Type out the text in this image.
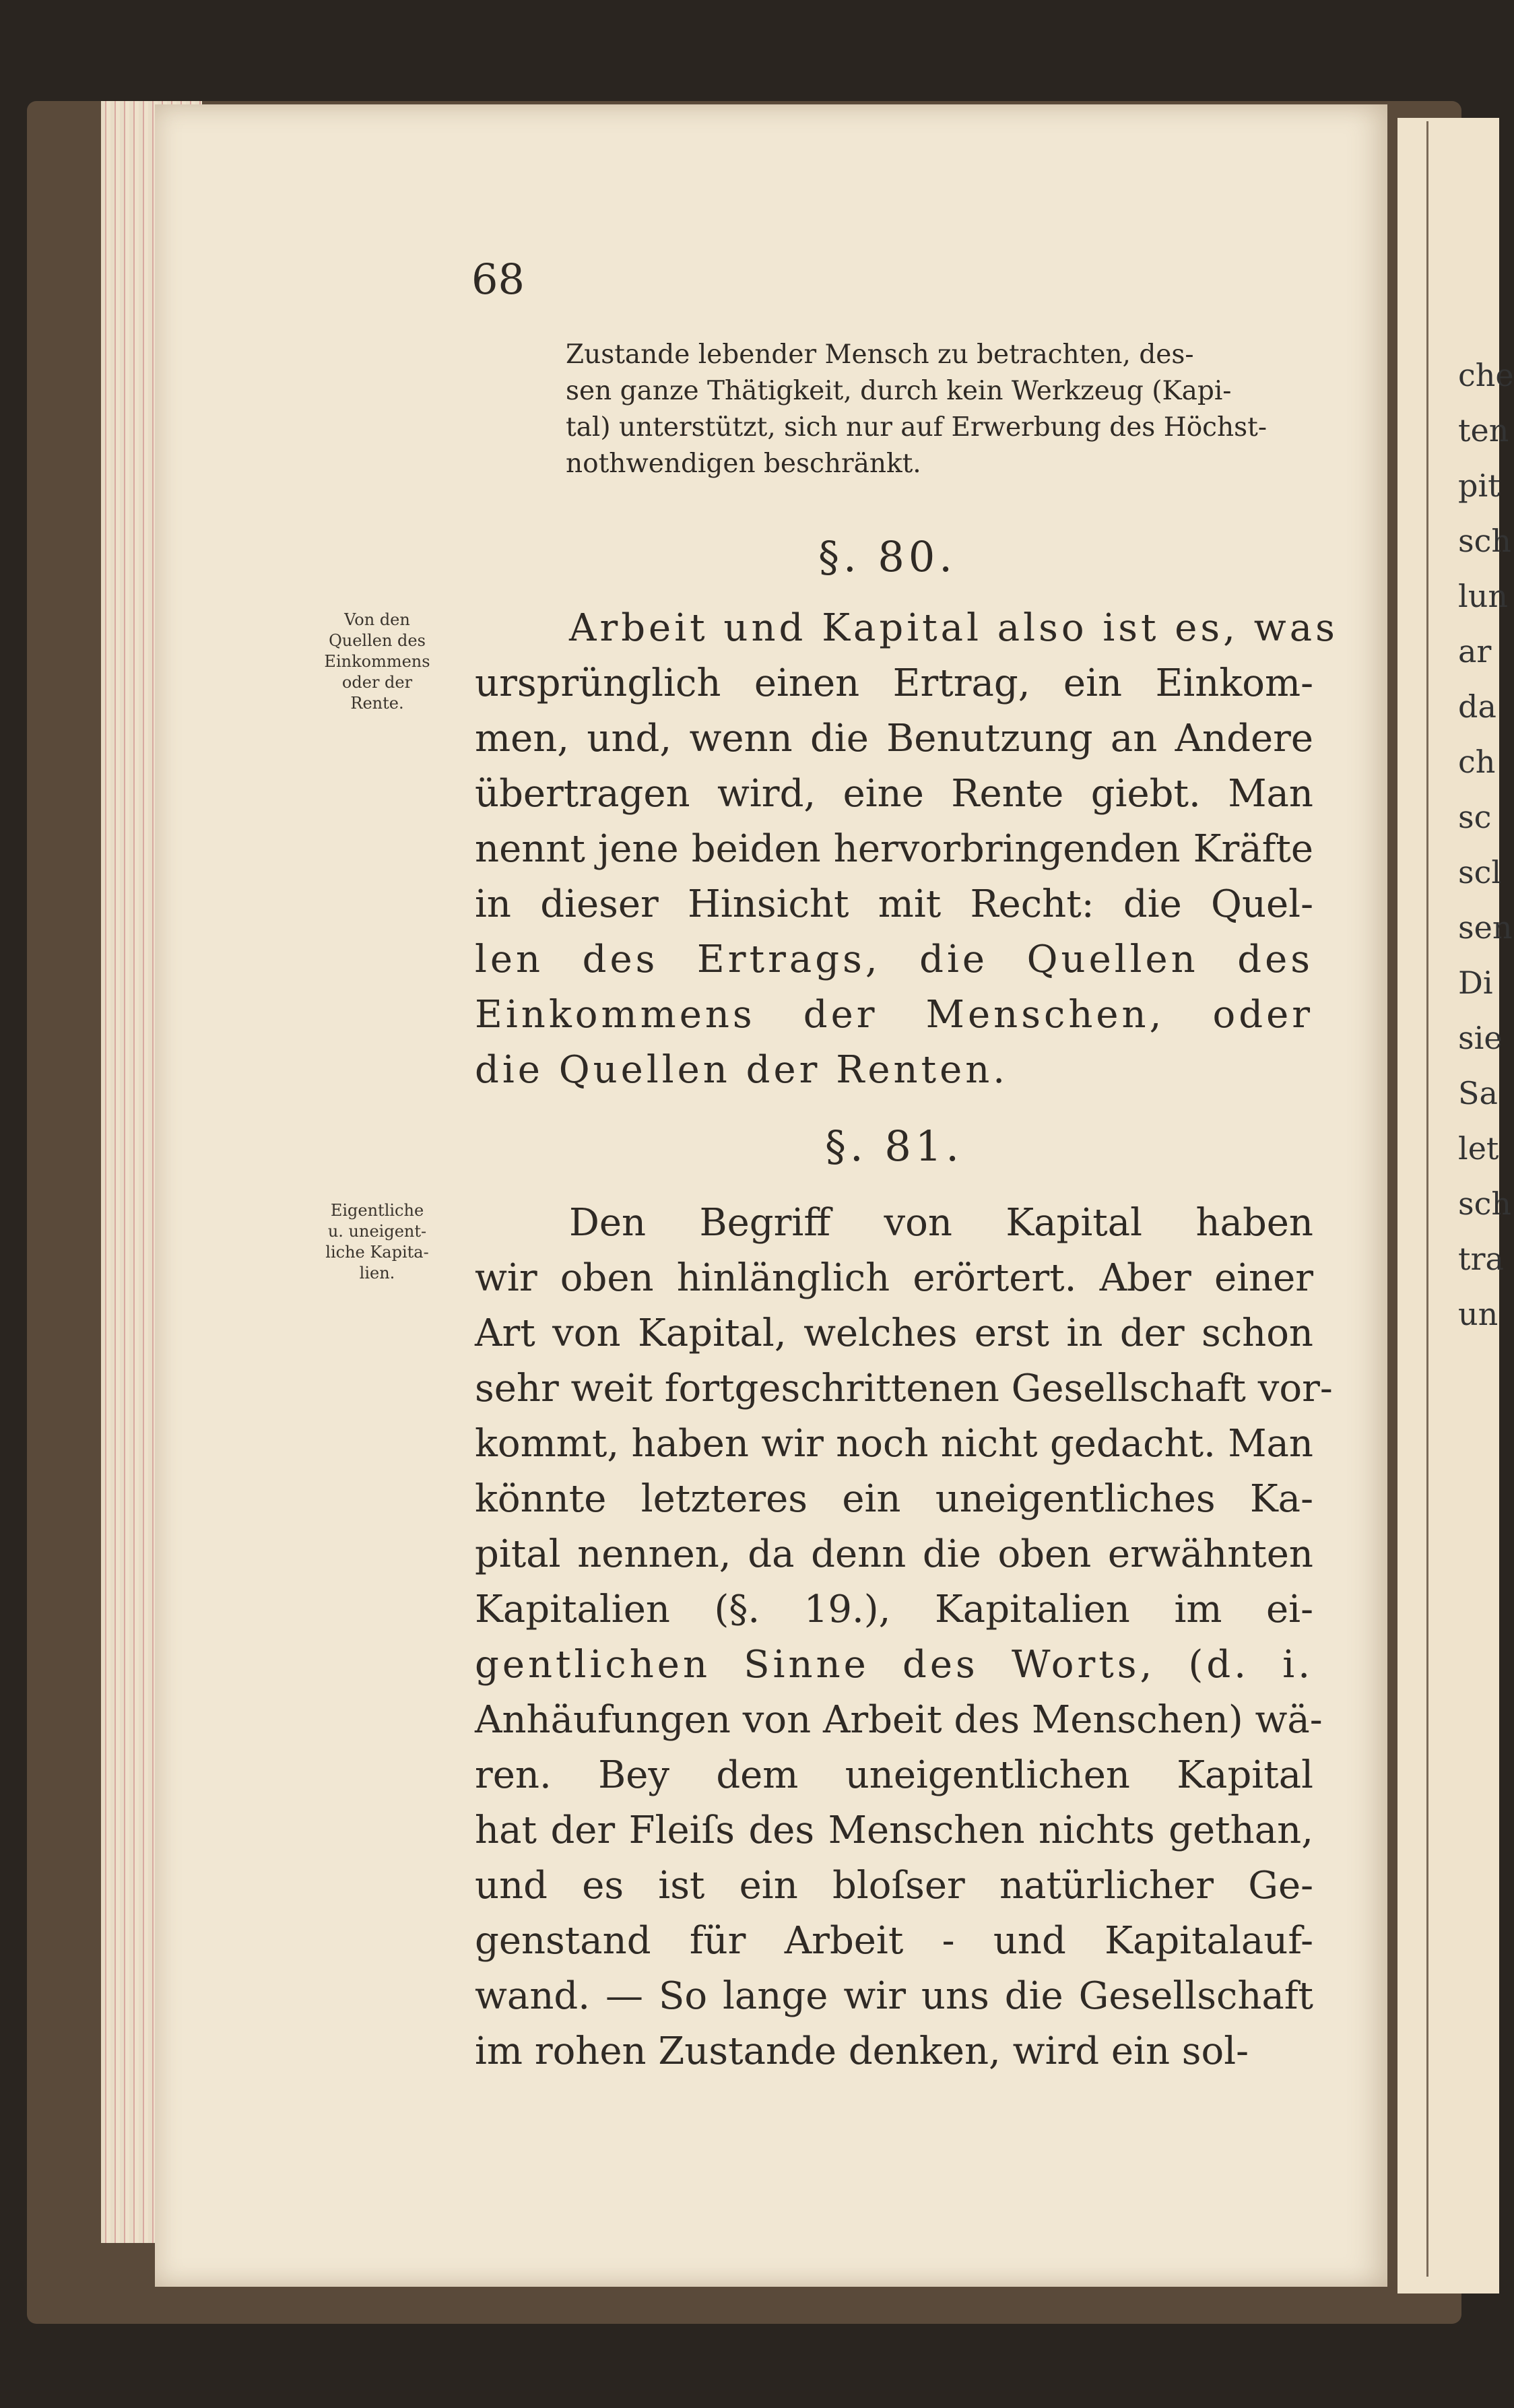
che
ten
pit
sch
lun
ar
da
ch
sc
scl
sen
Di
sie
Sa
let
sch
tra
un
68
Zustande lebender Mensch zu betrachten, des-
sen ganze Thätigkeit, durch kein Werkzeug (Kapi-
tal) unterstützt, sich nur auf Erwerbung des Höchst-
nothwendigen beschränkt.
§. 80.
Von den
Quellen des
Einkommens
oder der
Rente.
Arbeit und Kapital also ist es, was
ursprünglich einen Ertrag, ein Einkom-
men, und, wenn die Benutzung an Andere
übertragen wird, eine Rente giebt. Man
nennt jene beiden hervorbringenden Kräfte
in dieser Hinsicht mit Recht: die Quel-
len des Ertrags, die Quellen des
Einkommens der Menschen, oder
die Quellen der Renten.
§. 81.
Eigentliche
u. uneigent-
liche Kapita-
lien.
Den Begriff von Kapital haben
wir oben hinlänglich erörtert. Aber einer
Art von Kapital, welches erst in der schon
sehr weit fortgeschrittenen Gesellschaft vor-
kommt, haben wir noch nicht gedacht. Man
könnte letzteres ein uneigentliches Ka-
pital nennen, da denn die oben erwähnten
Kapitalien (§. 19.), Kapitalien im ei-
gentlichen Sinne des Worts, (d. i.
Anhäufungen von Arbeit des Menschen) wä-
ren. Bey dem uneigentlichen Kapital
hat der Fleiſs des Menschen nichts gethan,
und es ist ein bloſser natürlicher Ge-
genstand für Arbeit - und Kapitalauf-
wand. — So lange wir uns die Gesellschaft
im rohen Zustande denken, wird ein sol-
